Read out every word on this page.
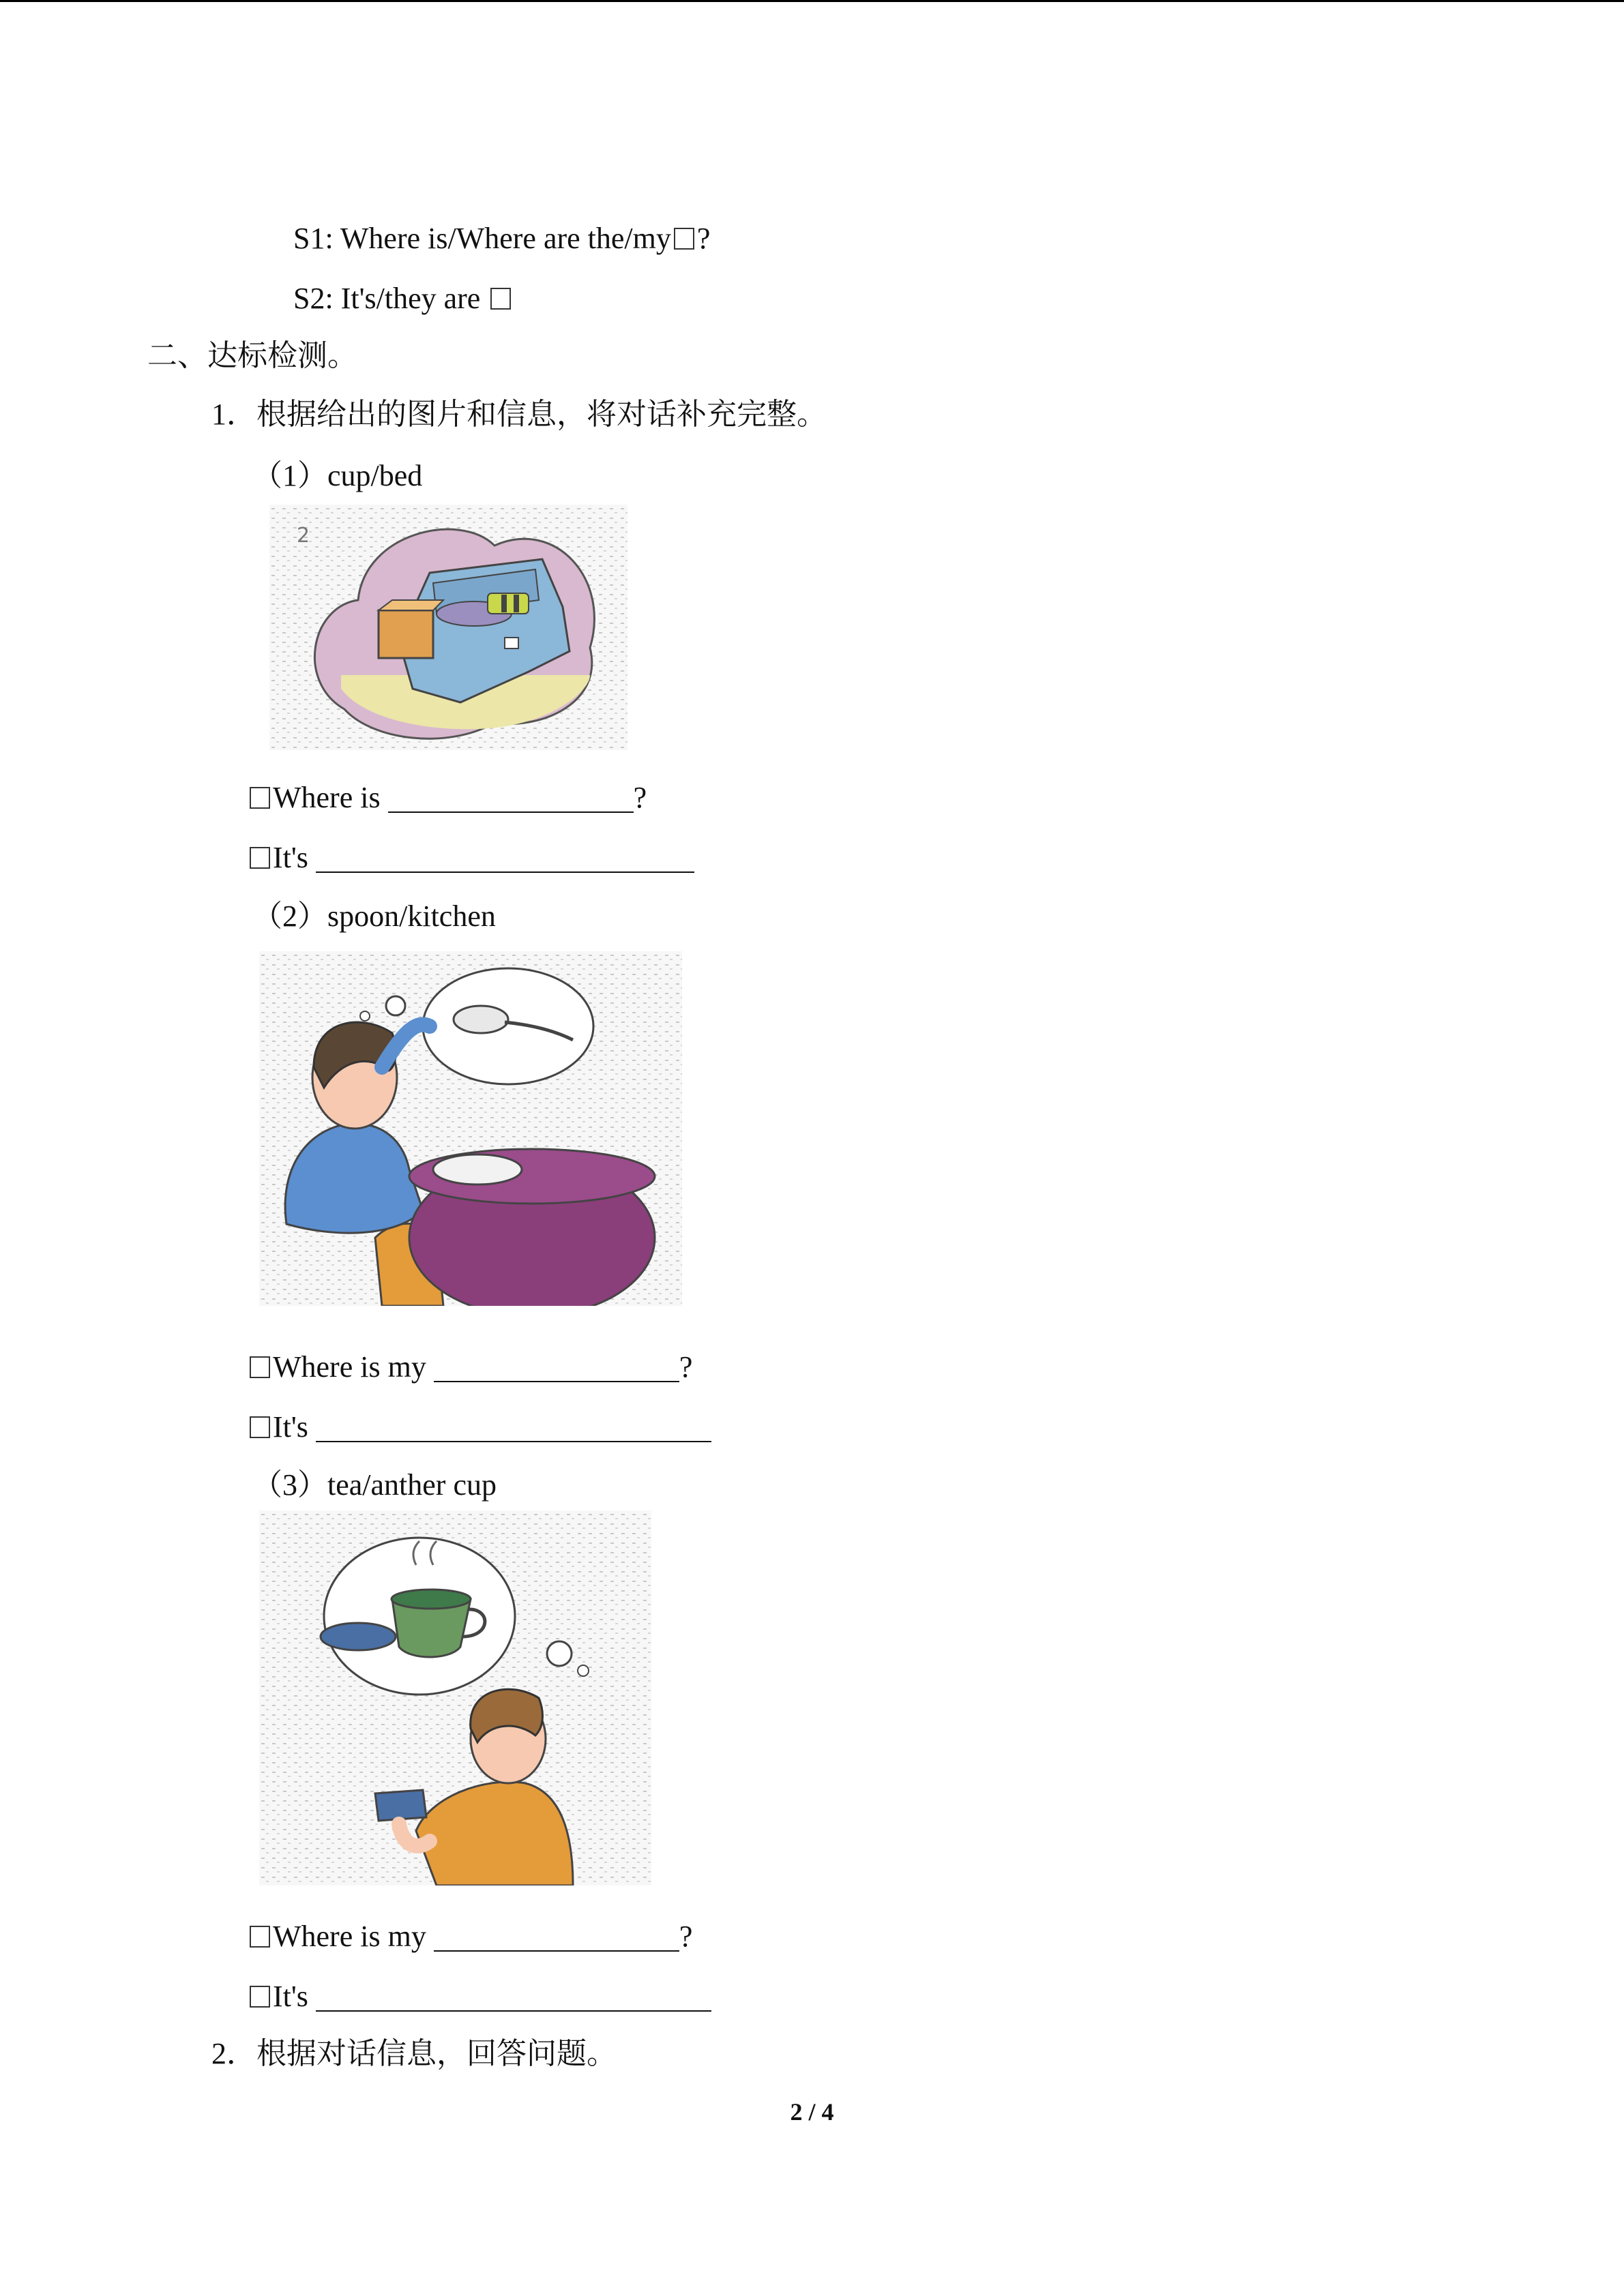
S1: Where is/Where are the/my ?
S2: It's/they are
二、达标检测。
1．根据给出的图片和信息，将对话补充完整。
（1）cup/bed
2
Where is	?
It's
（2）spoon/kitchen
Where is my	?
It's
（3）tea/anther cup
Where is my	?
It's
2．根据对话信息，回答问题。
2 / 4
